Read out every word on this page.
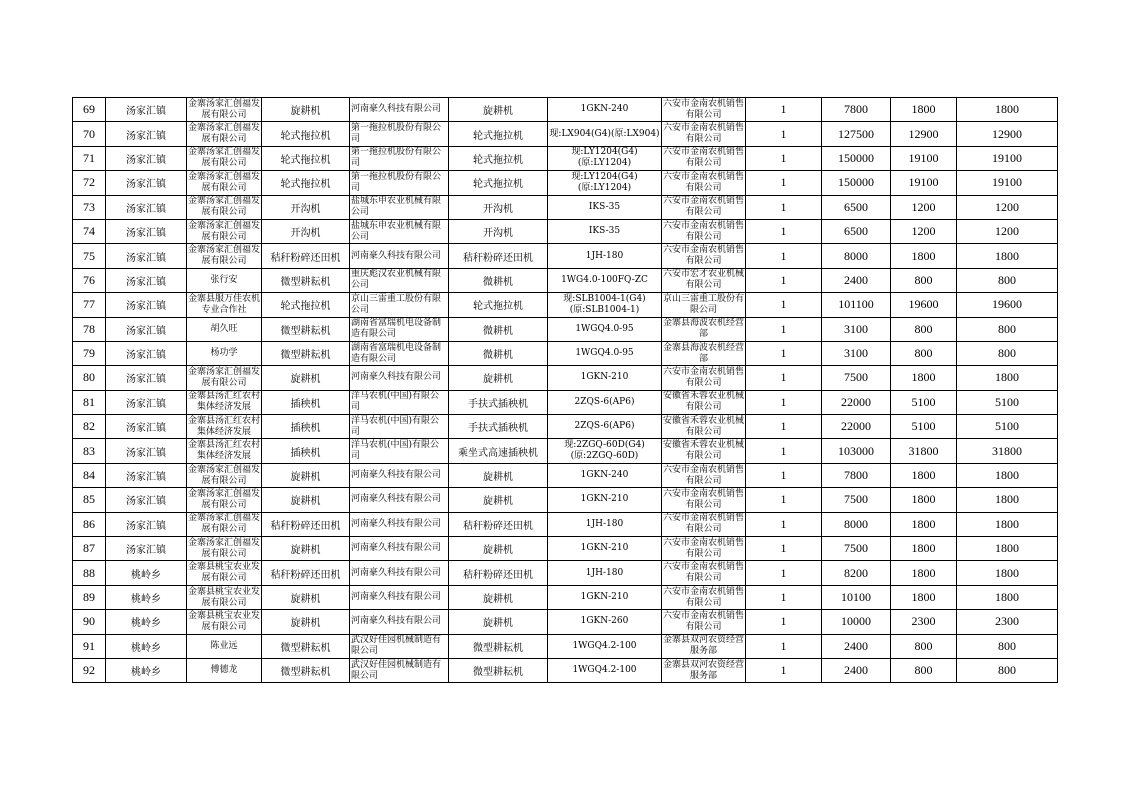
69	汤家汇镇	金寨汤家汇创福发展有限公司	旋耕机	河南豪久科技有限公司	旋耕机	1GKN-240	六安市金南农机销售有限公司	1	7800	1800	1800
70	汤家汇镇	金寨汤家汇创福发展有限公司	轮式拖拉机	第一拖拉机股份有限公司	轮式拖拉机	现:LX904(G4)(原:LX904)	六安市金南农机销售有限公司	1	127500	12900	12900
71	汤家汇镇	金寨汤家汇创福发展有限公司	轮式拖拉机	第一拖拉机股份有限公司	轮式拖拉机	现:LY1204(G4)
(原:LY1204)	六安市金南农机销售有限公司	1	150000	19100	19100
72	汤家汇镇	金寨汤家汇创福发展有限公司	轮式拖拉机	第一拖拉机股份有限公司	轮式拖拉机	现:LY1204(G4)
(原:LY1204)	六安市金南农机销售有限公司	1	150000	19100	19100
73	汤家汇镇	金寨汤家汇创福发展有限公司	开沟机	盐城东申农业机械有限公司	开沟机	IKS-35	六安市金南农机销售有限公司	1	6500	1200	1200
74	汤家汇镇	金寨汤家汇创福发展有限公司	开沟机	盐城东申农业机械有限公司	开沟机	IKS-35	六安市金南农机销售有限公司	1	6500	1200	1200
75	汤家汇镇	金寨汤家汇创福发展有限公司	秸秆粉碎还田机	河南豪久科技有限公司	秸秆粉碎还田机	1JH-180	六安市金南农机销售有限公司	1	8000	1800	1800
76	汤家汇镇	张行安	微型耕耘机	重庆彪汉农业机械有限公司	微耕机	1WG4.0-100FQ-ZC	六安市宏才农业机械有限公司	1	2400	800	800
77	汤家汇镇	金寨县服万佳农机专业合作社	轮式拖拉机	京山三雷重工股份有限公司	轮式拖拉机	现:SLB1004-1(G4)
(原:SLB1004-1)	京山三雷重工股份有限公司	1	101100	19600	19600
78	汤家汇镇	胡久旺	微型耕耘机	湖南省富瑞机电设备制造有限公司	微耕机	1WGQ4.0-95	金寨县海波农机经营部	1	3100	800	800
79	汤家汇镇	杨功学	微型耕耘机	湖南省富瑞机电设备制造有限公司	微耕机	1WGQ4.0-95	金寨县海波农机经营部	1	3100	800	800
80	汤家汇镇	金寨汤家汇创福发展有限公司	旋耕机	河南豪久科技有限公司	旋耕机	1GKN-210	六安市金南农机销售有限公司	1	7500	1800	1800
81	汤家汇镇	金寨县汤汇红农村集体经济发展	插秧机	洋马农机(中国)有限公司	手扶式插秧机	2ZQS-6(AP6)	安徽省禾蓉农业机械有限公司	1	22000	5100	5100
82	汤家汇镇	金寨县汤汇红农村集体经济发展	插秧机	洋马农机(中国)有限公司	手扶式插秧机	2ZQS-6(AP6)	安徽省禾蓉农业机械有限公司	1	22000	5100	5100
83	汤家汇镇	金寨县汤汇红农村集体经济发展	插秧机	洋马农机(中国)有限公司	乘坐式高速插秧机	现:2ZGQ-60D(G4)
(原:2ZGQ-60D)	安徽省禾蓉农业机械有限公司	1	103000	31800	31800
84	汤家汇镇	金寨汤家汇创福发展有限公司	旋耕机	河南豪久科技有限公司	旋耕机	1GKN-240	六安市金南农机销售有限公司	1	7800	1800	1800
85	汤家汇镇	金寨汤家汇创福发展有限公司	旋耕机	河南豪久科技有限公司	旋耕机	1GKN-210	六安市金南农机销售有限公司	1	7500	1800	1800
86	汤家汇镇	金寨汤家汇创福发展有限公司	秸秆粉碎还田机	河南豪久科技有限公司	秸秆粉碎还田机	1JH-180	六安市金南农机销售有限公司	1	8000	1800	1800
87	汤家汇镇	金寨汤家汇创福发展有限公司	旋耕机	河南豪久科技有限公司	旋耕机	1GKN-210	六安市金南农机销售有限公司	1	7500	1800	1800
88	桃岭乡	金寨县桃宝农业发展有限公司	秸秆粉碎还田机	河南豪久科技有限公司	秸秆粉碎还田机	1JH-180	六安市金南农机销售有限公司	1	8200	1800	1800
89	桃岭乡	金寨县桃宝农业发展有限公司	旋耕机	河南豪久科技有限公司	旋耕机	1GKN-210	六安市金南农机销售有限公司	1	10100	1800	1800
90	桃岭乡	金寨县桃宝农业发展有限公司	旋耕机	河南豪久科技有限公司	旋耕机	1GKN-260	六安市金南农机销售有限公司	1	10000	2300	2300
91	桃岭乡	陈业远	微型耕耘机	武汉好佳园机械制造有限公司	微型耕耘机	1WGQ4.2-100	金寨县双河农资经营服务部	1	2400	800	800
92	桃岭乡	傅德龙	微型耕耘机	武汉好佳园机械制造有限公司	微型耕耘机	1WGQ4.2-100	金寨县双河农资经营服务部	1	2400	800	800
